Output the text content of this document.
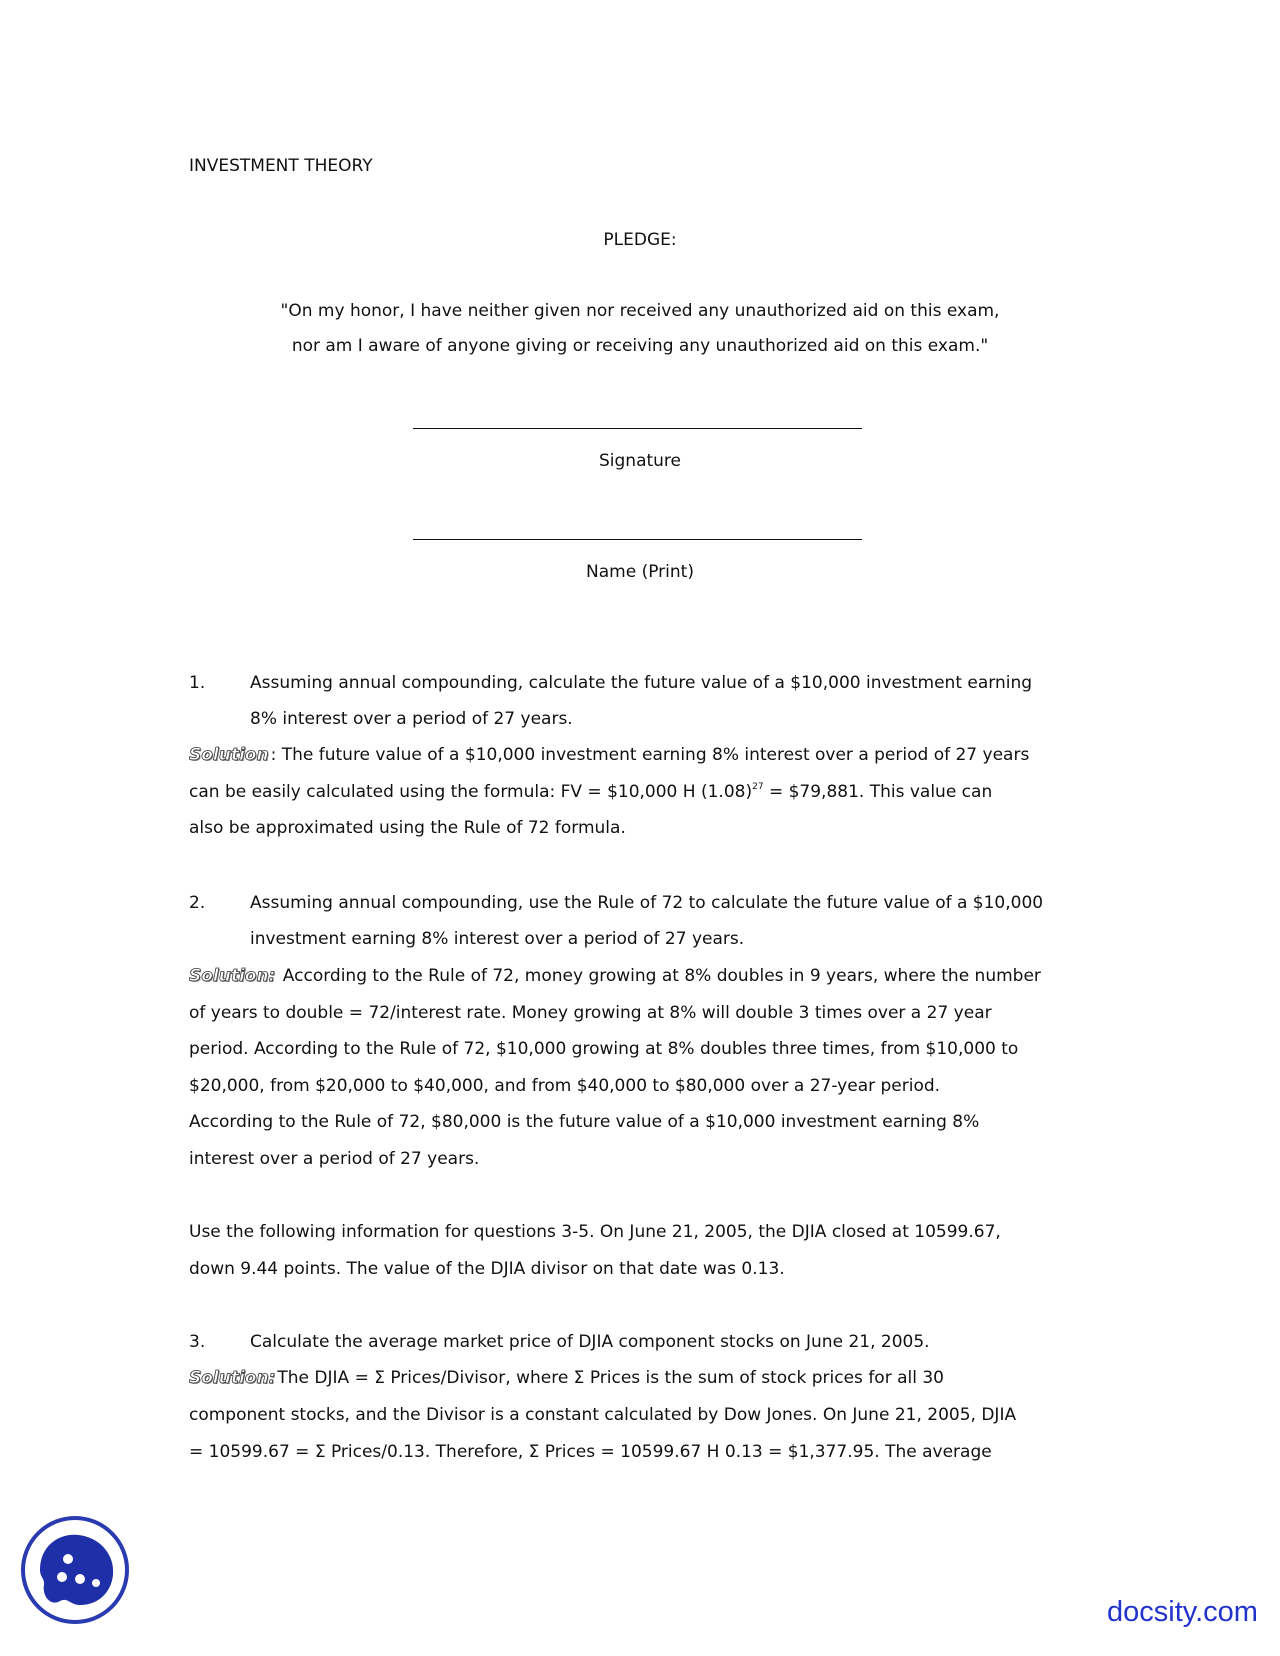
INVESTMENT THEORY
PLEDGE:
"On my honor, I have neither given nor received any unauthorized aid on this exam,
nor am I aware of anyone giving or receiving any unauthorized aid on this exam."
Signature
Name (Print)
1.	Assuming annual compounding, calculate the future value of a $10,000 investment earning
8% interest over a period of 27 years.
Solution : The future value of a $10,000 investment earning 8% interest over a period of 27 years
can be easily calculated using the formula: FV = $10,000 H $(1.08)^{27}$ = $79,881. This value can
also be approximated using the Rule of 72 formula.
2.	Assuming annual compounding, use the Rule of 72 to calculate the future value of a $10,000
investment earning 8% interest over a period of 27 years.
Solution: According to the Rule of 72, money growing at 8% doubles in 9 years, where the number
of years to double = 72/interest rate. Money growing at 8% will double 3 times over a 27 year
period. According to the Rule of 72, $10,000 growing at 8% doubles three times, from $10,000 to
$20,000, from $20,000 to $40,000, and from $40,000 to $80,000 over a 27-year period.
According to the Rule of 72, $80,000 is the future value of a $10,000 investment earning 8%
interest over a period of 27 years.
Use the following information for questions 3-5. On June 21, 2005, the DJIA closed at 10599.67,
down 9.44 points. The value of the DJIA divisor on that date was 0.13.
3.	Calculate the average market price of DJIA component stocks on June 21, 2005.
Solution: The DJIA = Σ Prices/Divisor, where Σ Prices is the sum of stock prices for all 30
component stocks, and the Divisor is a constant calculated by Dow Jones. On June 21, 2005, DJIA
= 10599.67 = Σ Prices/0.13. Therefore, Σ Prices = 10599.67 H 0.13 = $1,377.95. The average
docsity.com
